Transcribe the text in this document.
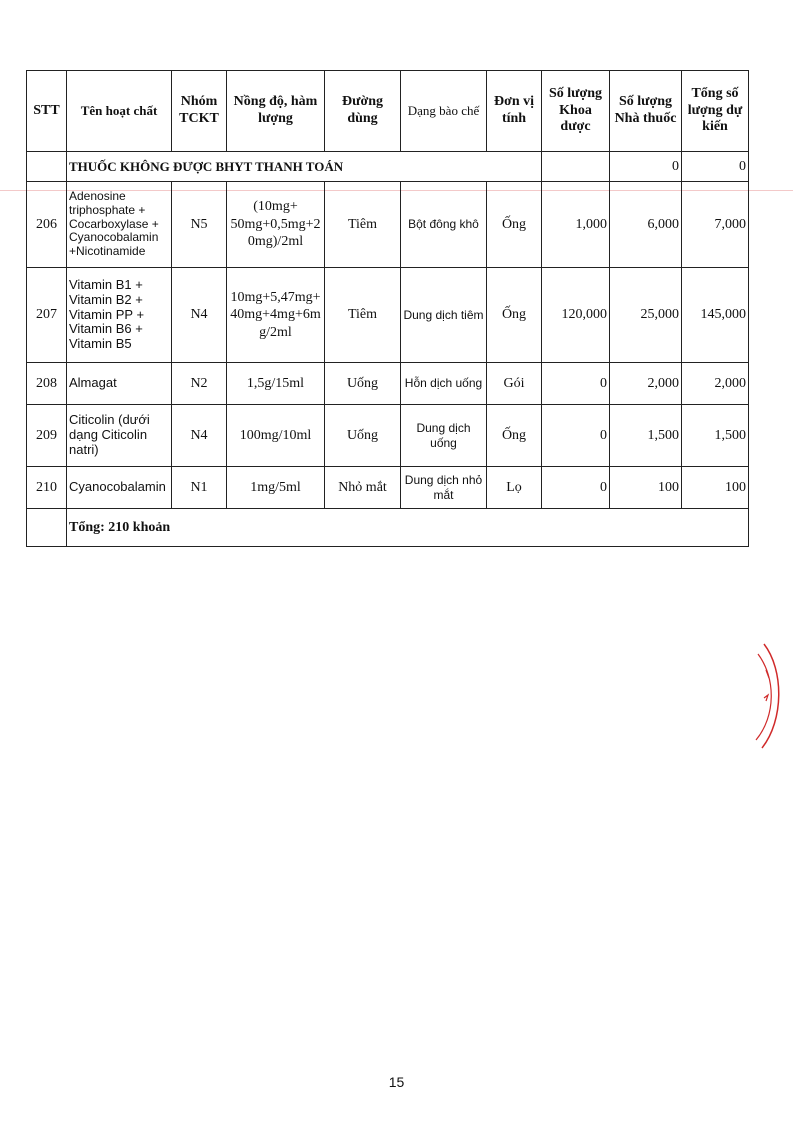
STT	Tên hoạt chất	Nhóm TCKT	Nồng độ, hàm lượng	Đường dùng	Dạng bào chế	Đơn vị tính	Số lượng Khoa dược	Số lượng Nhà thuốc	Tổng số lượng dự kiến
	THUỐC KHÔNG ĐƯỢC BHYT THANH TOÁN							0	0
206	Adenosine triphosphate + Cocarboxylase + Cyanocobalamin +Nicotinamide	N5	(10mg+ 50mg+0,5mg+2 0mg)/2ml	Tiêm	Bột đông khô	Ống	1,000	6,000	7,000
207	Vitamin B1 + Vitamin B2 + Vitamin PP + Vitamin B6 + Vitamin B5	N4	10mg+5,47mg+ 40mg+4mg+6m g/2ml	Tiêm	Dung dịch tiêm	Ống	120,000	25,000	145,000
208	Almagat	N2	1,5g/15ml	Uống	Hỗn dịch uống	Gói	0	2,000	2,000
209	Citicolin (dưới dạng Citicolin natri)	N4	100mg/10ml	Uống	Dung dịch uống	Ống	0	1,500	1,500
210	Cyanocobalamin	N1	1mg/5ml	Nhỏ mắt	Dung dịch nhỏ mắt	Lọ	0	100	100
	Tổng: 210 khoản								
15
